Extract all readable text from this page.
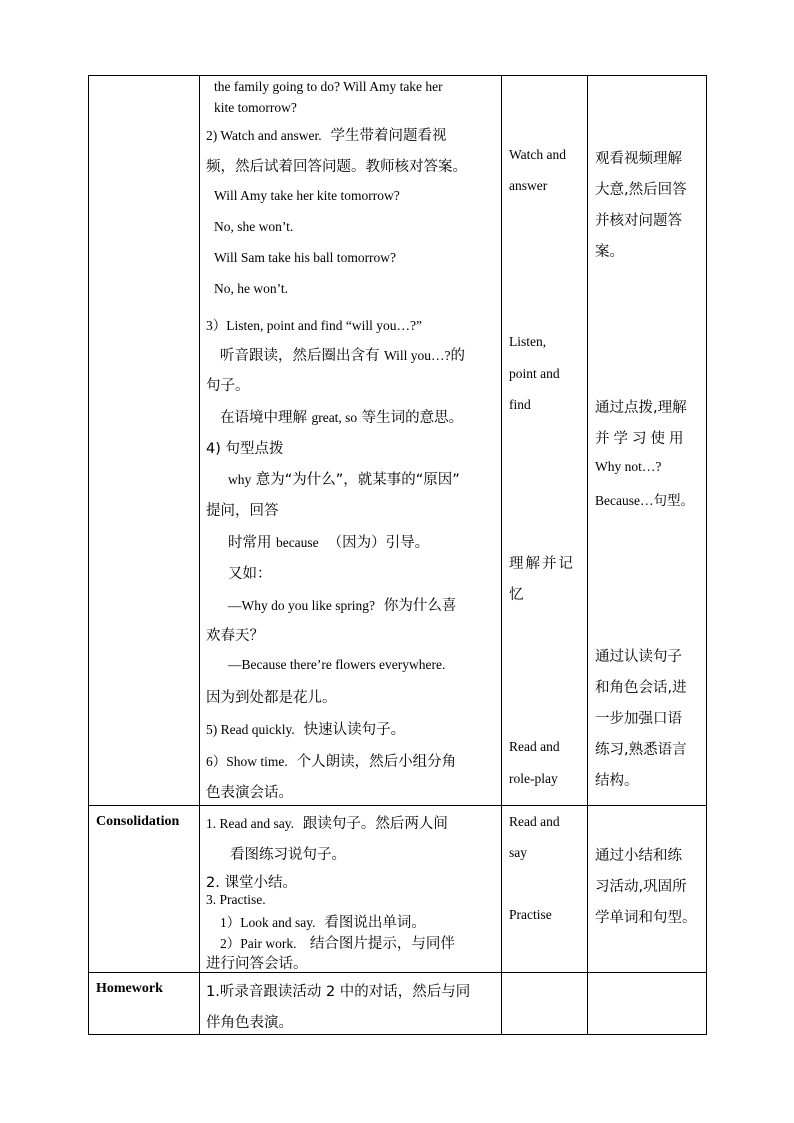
the family going to do? Will Amy take her
kite tomorrow?
2) Watch and answer. 学生带着问题看视
频，然后试着回答问题。教师核对答案。
Will Amy take her kite tomorrow?
No, she won’t.
Will Sam take his ball tomorrow?
No, he won’t.
3）Listen, point and find “will you…?”
听音跟读，然后圈出含有 Will you…?的
句子。
在语境中理解 great, so 等生词的意思。
4) 句型点拨
why 意为“为什么”，就某事的“原因”
提问，回答
时常用 because （因为）引导。
又如：
—Why do you like spring? 你为什么喜
欢春天？
—Because there’re flowers everywhere.
因为到处都是花儿。
5) Read quickly. 快速认读句子。
6）Show time. 个人朗读，然后小组分角
色表演会话。
Watch and
answer
Listen,
point and
find
理解并记
忆
Read and
role-play
观看视频理解
大意,然后回答
并核对问题答
案。
通过点拨,理解
并学习使用
Why not…?
Because…句型。
通过认读句子
和角色会话,进
一步加强口语
练习,熟悉语言
结构。
Consolidation	1. Read and say. 跟读句子。然后两人间
看图练习说句子。
2. 课堂小结。
3. Practise.
1）Look and say. 看图说出单词。
2）Pair work. 结合图片提示，与同伴
进行问答会话。
Read and
say
Practise
通过小结和练
习活动,巩固所
学单词和句型。
Homework	1.听录音跟读活动 2 中的对话，然后与同
伴角色表演。
